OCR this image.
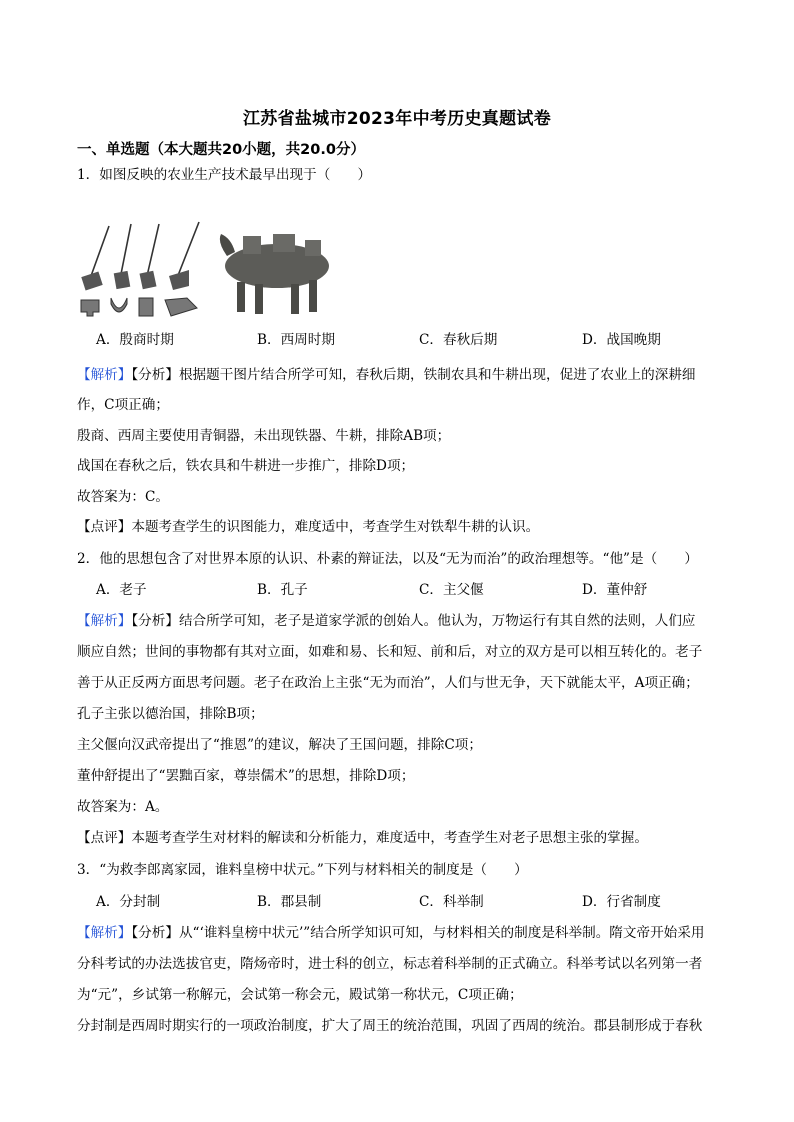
江苏省盐城市2023年中考历史真题试卷
一、单选题（本大题共20小题，共20.0分）
1．如图反映的农业生产技术最早出现于（　　）
A．殷商时期	B．西周时期	C．春秋后期	D．战国晚期
【解析】【分析】根据题干图片结合所学可知，春秋后期，铁制农具和牛耕出现，促进了农业上的深耕细
作，C项正确；
殷商、西周主要使用青铜器，未出现铁器、牛耕，排除AB项；
战国在春秋之后，铁农具和牛耕进一步推广，排除D项；
故答案为：C。
【点评】本题考查学生的识图能力，难度适中，考查学生对铁犁牛耕的认识。
2．他的思想包含了对世界本原的认识、朴素的辩证法，以及“无为而治”的政治理想等。“他”是（　　）
A．老子	B．孔子	C．主父偃	D．董仲舒
【解析】【分析】结合所学可知，老子是道家学派的创始人。他认为，万物运行有其自然的法则，人们应
顺应自然；世间的事物都有其对立面，如难和易、长和短、前和后，对立的双方是可以相互转化的。老子
善于从正反两方面思考问题。老子在政治上主张“无为而治”，人们与世无争，天下就能太平，A项正确；
孔子主张以德治国，排除B项；
主父偃向汉武帝提出了“推恩”的建议，解决了王国问题，排除C项；
董仲舒提出了“罢黜百家，尊崇儒术”的思想，排除D项；
故答案为：A。
【点评】本题考查学生对材料的解读和分析能力，难度适中，考查学生对老子思想主张的掌握。
3．“为救李郎离家园，谁料皇榜中状元。”下列与材料相关的制度是（　　）
A．分封制	B．郡县制	C．科举制	D．行省制度
【解析】【分析】从“‘谁料皇榜中状元’”结合所学知识可知，与材料相关的制度是科举制。隋文帝开始采用
分科考试的办法选拔官吏，隋炀帝时，进士科的创立，标志着科举制的正式确立。科举考试以名列第一者
为“元”，乡试第一称解元，会试第一称会元，殿试第一称状元，C项正确；
分封制是西周时期实行的一项政治制度，扩大了周王的统治范围，巩固了西周的统治。郡县制形成于春秋
